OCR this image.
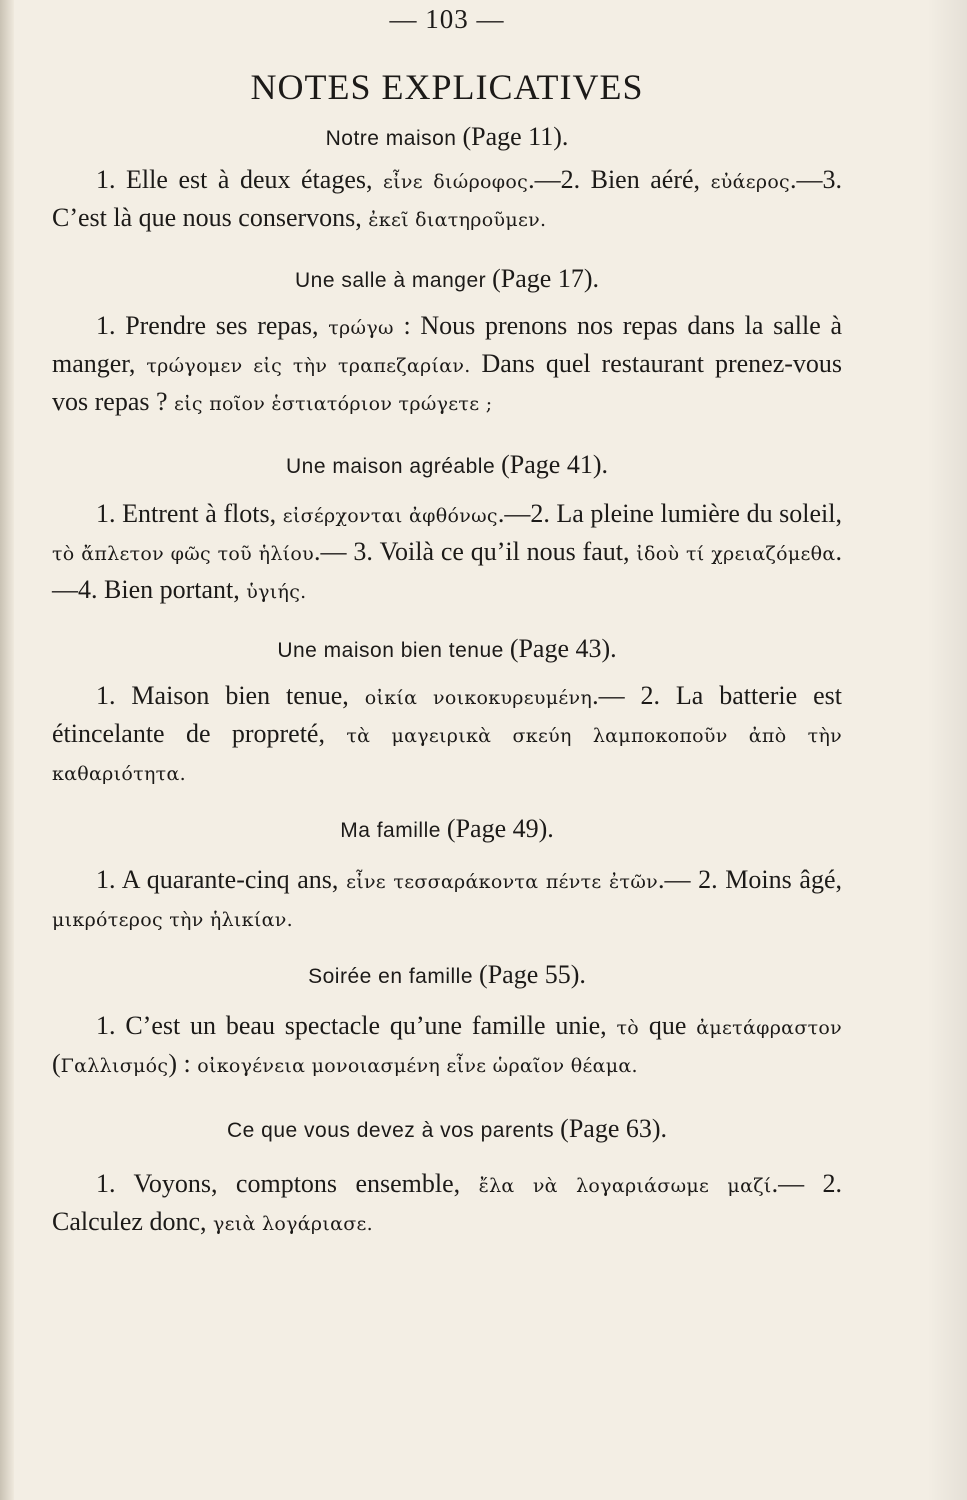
— 103 —
NOTES EXPLICATIVES
Notre maison (Page 11).

1. Elle est à deux étages, εἶνε διώροφος.—2. Bien aéré, εὐάερος.—3. C’est là que nous conservons, ἐκεῖ διατηροῦμεν.

Une salle à manger (Page 17).

1. Prendre ses repas, τρώγω : Nous prenons nos repas dans la salle à manger, τρώγομεν εἰς τὴν τραπεζαρίαν. Dans quel restaurant prenez-vous vos repas ? εἰς ποῖον ἑστιατόριον τρώγετε ;

Une maison agréable (Page 41).

1. Entrent à flots, εἰσέρχονται ἀφθόνως.—2. La pleine lumière du soleil, τὸ ἄπλετον φῶς τοῦ ἡλίου.— 3. Voilà ce qu’il nous faut, ἰδοὺ τί χρειαζόμεθα.—4. Bien portant, ὑγιής.

Une maison bien tenue (Page 43).

1. Maison bien tenue, οἰκία νοικοκυρευμένη.— 2. La batterie est étincelante de propreté, τὰ μαγειρικὰ σκεύη λαμποκοποῦν ἀπὸ τὴν καθαριότητα.

Ma famille (Page 49).

1. A quarante-cinq ans, εἶνε τεσσαράκοντα πέντε ἐτῶν.— 2. Moins âgé, μικρότερος τὴν ἡλικίαν.

Soirée en famille (Page 55).

1. C’est un beau spectacle qu’une famille unie, τὸ que ἀμετάφραστον (Γαλλισμός) : οἰκογένεια μονοιασμένη εἶνε ὡραῖον θέαμα.

Ce que vous devez à vos parents (Page 63).

1. Voyons, comptons ensemble, ἔλα νὰ λογαριάσωμε μαζί.— 2. Calculez donc, γειὰ λογάριασε.
